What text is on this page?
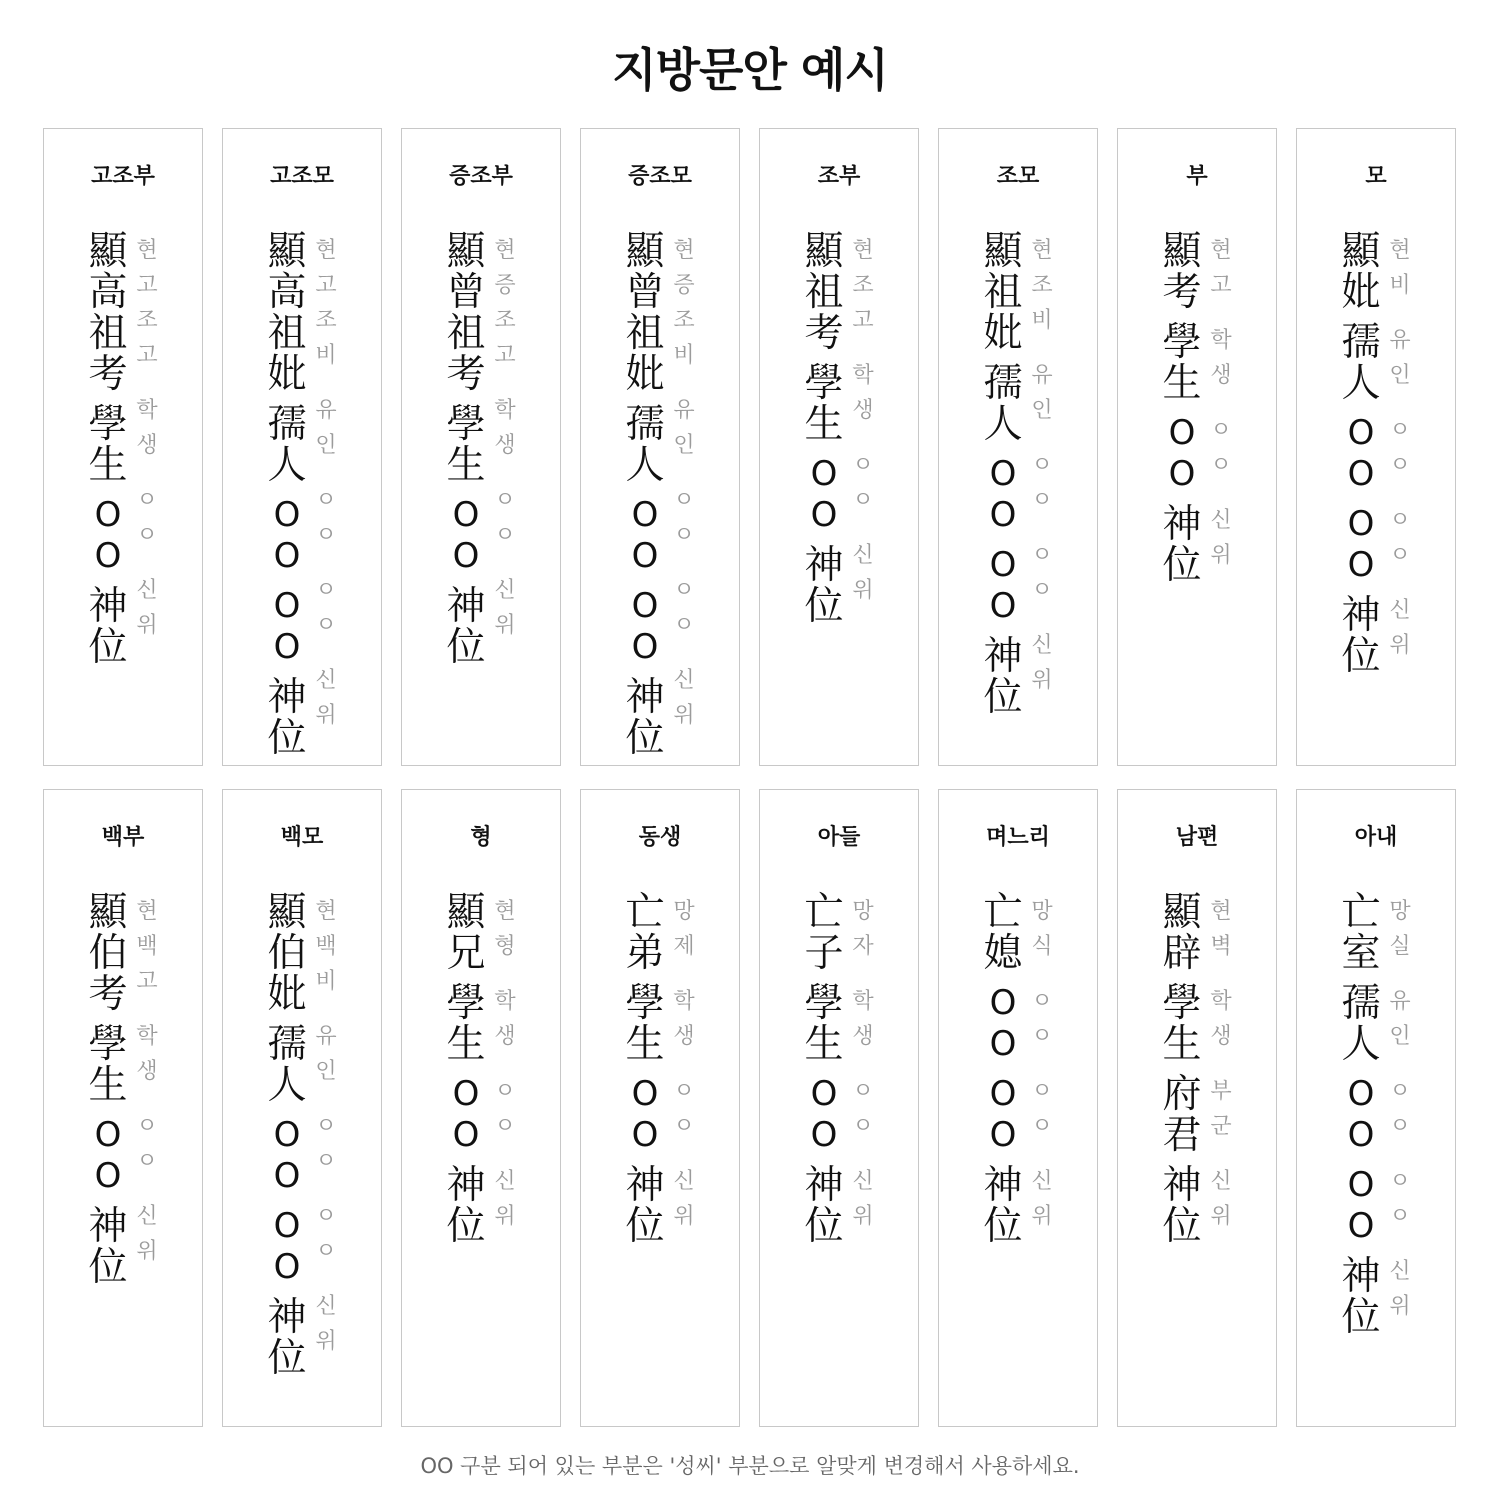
지방문안 예시
고조부
顯
高
祖
考
學
生
O
O
神
位
현
고
조
고
학
생
ㅇ
ㅇ
신
위
고조모
顯
高
祖
妣
孺
人
O
O
O
O
神
位
현
고
조
비
유
인
ㅇ
ㅇ
ㅇ
ㅇ
신
위
증조부
顯
曾
祖
考
學
生
O
O
神
位
현
증
조
고
학
생
ㅇ
ㅇ
신
위
증조모
顯
曾
祖
妣
孺
人
O
O
O
O
神
位
현
증
조
비
유
인
ㅇ
ㅇ
ㅇ
ㅇ
신
위
조부
顯
祖
考
學
生
O
O
神
位
현
조
고
학
생
ㅇ
ㅇ
신
위
조모
顯
祖
妣
孺
人
O
O
O
O
神
位
현
조
비
유
인
ㅇ
ㅇ
ㅇ
ㅇ
신
위
부
顯
考
學
生
O
O
神
位
현
고
학
생
ㅇ
ㅇ
신
위
모
顯
妣
孺
人
O
O
O
O
神
位
현
비
유
인
ㅇ
ㅇ
ㅇ
ㅇ
신
위
백부
顯
伯
考
學
生
O
O
神
位
현
백
고
학
생
ㅇ
ㅇ
신
위
백모
顯
伯
妣
孺
人
O
O
O
O
神
位
현
백
비
유
인
ㅇ
ㅇ
ㅇ
ㅇ
신
위
형
顯
兄
學
生
O
O
神
位
현
형
학
생
ㅇ
ㅇ
신
위
동생
亡
弟
學
生
O
O
神
位
망
제
학
생
ㅇ
ㅇ
신
위
아들
亡
子
學
生
O
O
神
位
망
자
학
생
ㅇ
ㅇ
신
위
며느리
亡
媳
O
O
O
O
神
位
망
식
ㅇ
ㅇ
ㅇ
ㅇ
신
위
남편
顯
辟
學
生
府
君
神
位
현
벽
학
생
부
군
신
위
아내
亡
室
孺
人
O
O
O
O
神
位
망
실
유
인
ㅇ
ㅇ
ㅇ
ㅇ
신
위
OO 구분 되어 있는 부분은 '성씨' 부분으로 알맞게 변경해서 사용하세요.
